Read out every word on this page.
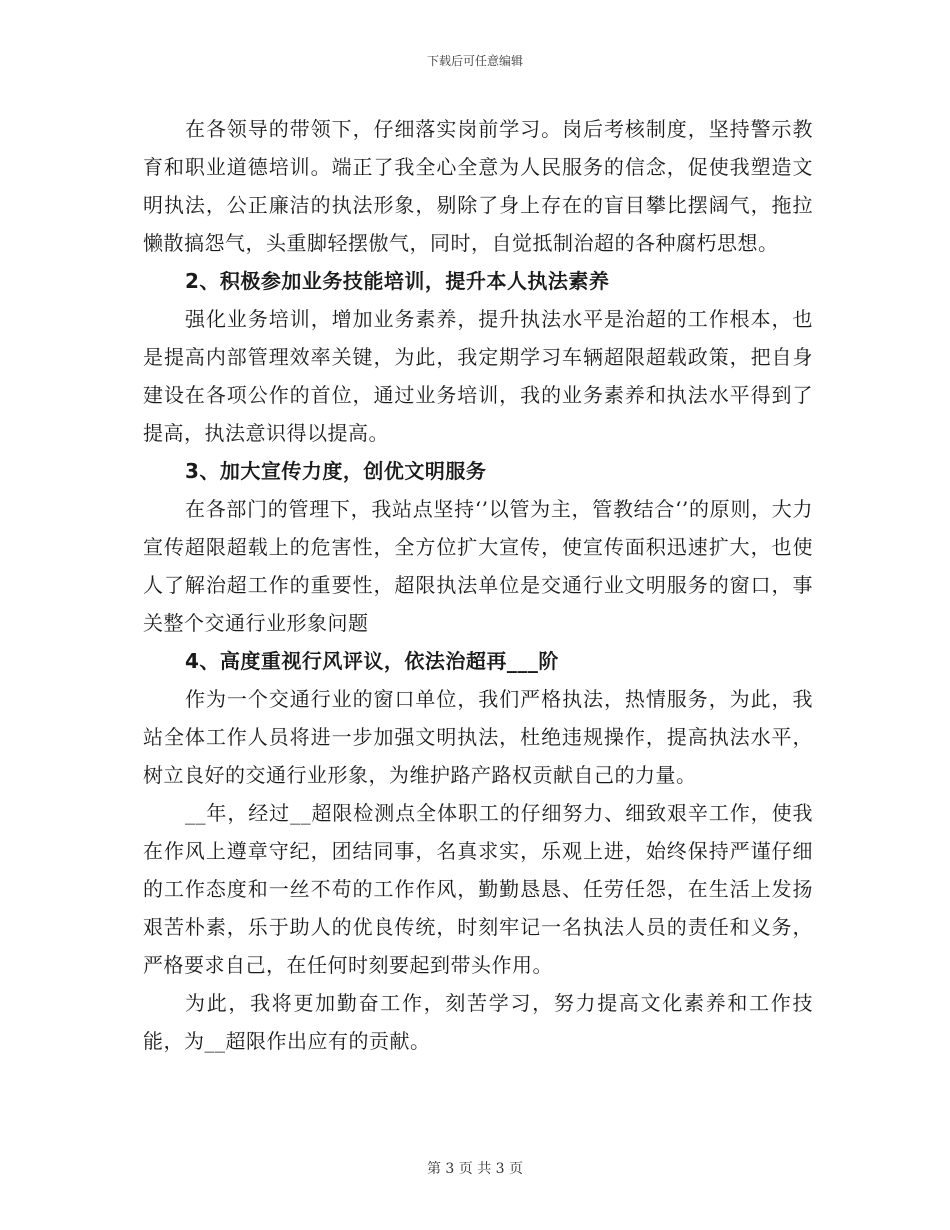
下载后可任意编辑

在各领导的带领下，仔细落实岗前学习。岗后考核制度，坚持警示教育和职业道德培训。端正了我全心全意为人民服务的信念，促使我塑造文明执法，公正廉洁的执法形象，剔除了身上存在的盲目攀比摆阔气，拖拉懒散搞怨气，头重脚轻摆傲气，同时，自觉抵制治超的各种腐朽思想。

2、积极参加业务技能培训，提升本人执法素养

强化业务培训，增加业务素养，提升执法水平是治超的工作根本，也是提高内部管理效率关键，为此，我定期学习车辆超限超载政策，把自身建设在各项公作的首位，通过业务培训，我的业务素养和执法水平得到了提高，执法意识得以提高。

3、加大宣传力度，创优文明服务

在各部门的管理下，我站点坚持‘’以管为主，管教结合‘’的原则，大力宣传超限超载上的危害性，全方位扩大宣传，使宣传面积迅速扩大，也使人了解治超工作的重要性，超限执法单位是交通行业文明服务的窗口，事关整个交通行业形象问题

4、高度重视行风评议，依法治超再___阶

作为一个交通行业的窗口单位，我们严格执法，热情服务，为此，我站全体工作人员将进一步加强文明执法，杜绝违规操作，提高执法水平，树立良好的交通行业形象，为维护路产路权贡献自己的力量。

__年，经过__超限检测点全体职工的仔细努力、细致艰辛工作，使我在作风上遵章守纪，团结同事，名真求实，乐观上进，始终保持严谨仔细的工作态度和一丝不苟的工作作风，勤勤恳恳、任劳任怨，在生活上发扬艰苦朴素，乐于助人的优良传统，时刻牢记一名执法人员的责任和义务，严格要求自己，在任何时刻要起到带头作用。

为此，我将更加勤奋工作，刻苦学习，努力提高文化素养和工作技能，为__超限作出应有的贡献。

第 3 页 共 3 页
